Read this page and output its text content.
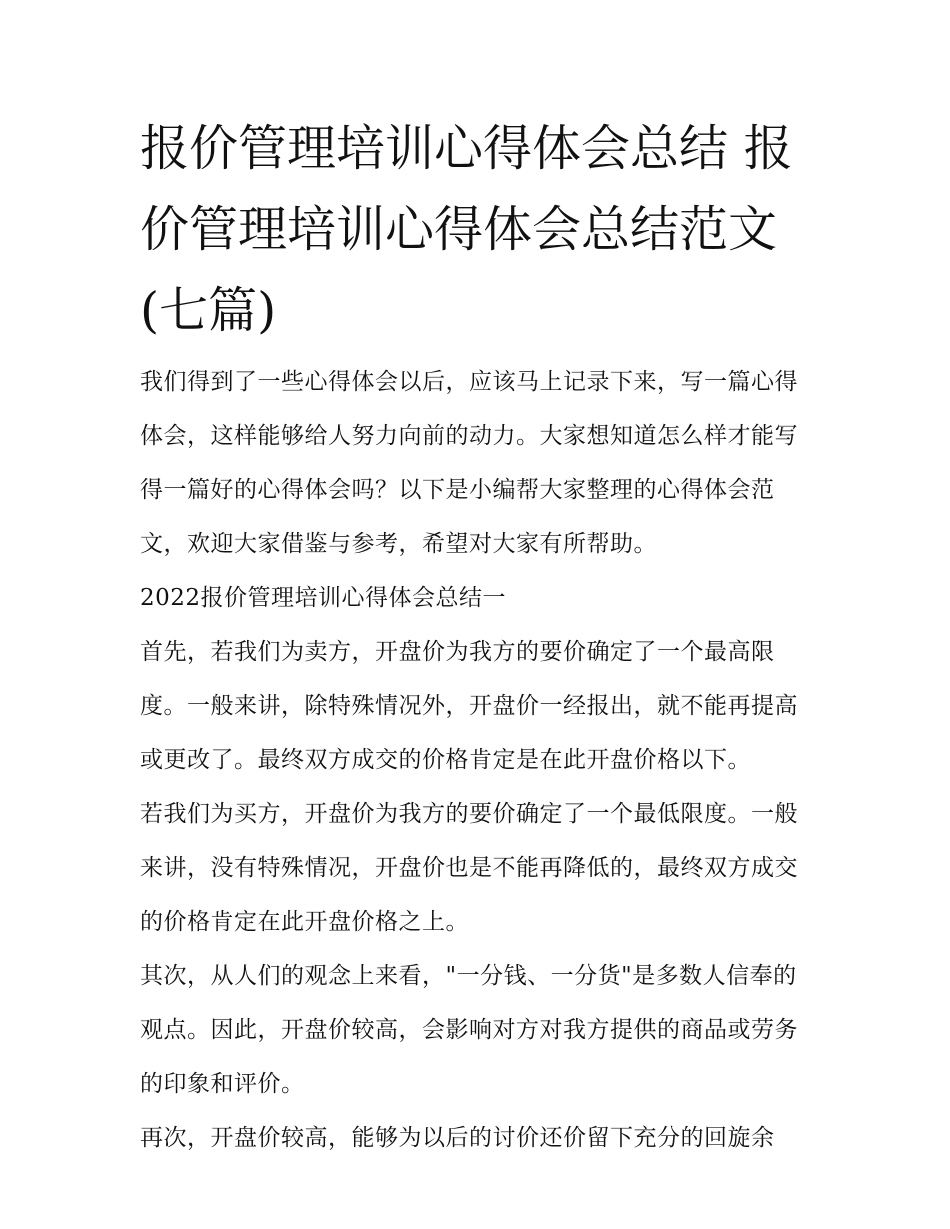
报价管理培训心得体会总结 报价管理培训心得体会总结范文(七篇)

我们得到了一些心得体会以后，应该马上记录下来，写一篇心得体会，这样能够给人努力向前的动力。大家想知道怎么样才能写得一篇好的心得体会吗？以下是小编帮大家整理的心得体会范文，欢迎大家借鉴与参考，希望对大家有所帮助。

2022报价管理培训心得体会总结一

首先，若我们为卖方，开盘价为我方的要价确定了一个最高限度。一般来讲，除特殊情况外，开盘价一经报出，就不能再提高或更改了。最终双方成交的价格肯定是在此开盘价格以下。

若我们为买方，开盘价为我方的要价确定了一个最低限度。一般来讲，没有特殊情况，开盘价也是不能再降低的，最终双方成交的价格肯定在此开盘价格之上。

其次，从人们的观念上来看，"一分钱、一分货"是多数人信奉的观点。因此，开盘价较高，会影响对方对我方提供的商品或劳务的印象和评价。

再次，开盘价较高，能够为以后的讨价还价留下充分的回旋余
